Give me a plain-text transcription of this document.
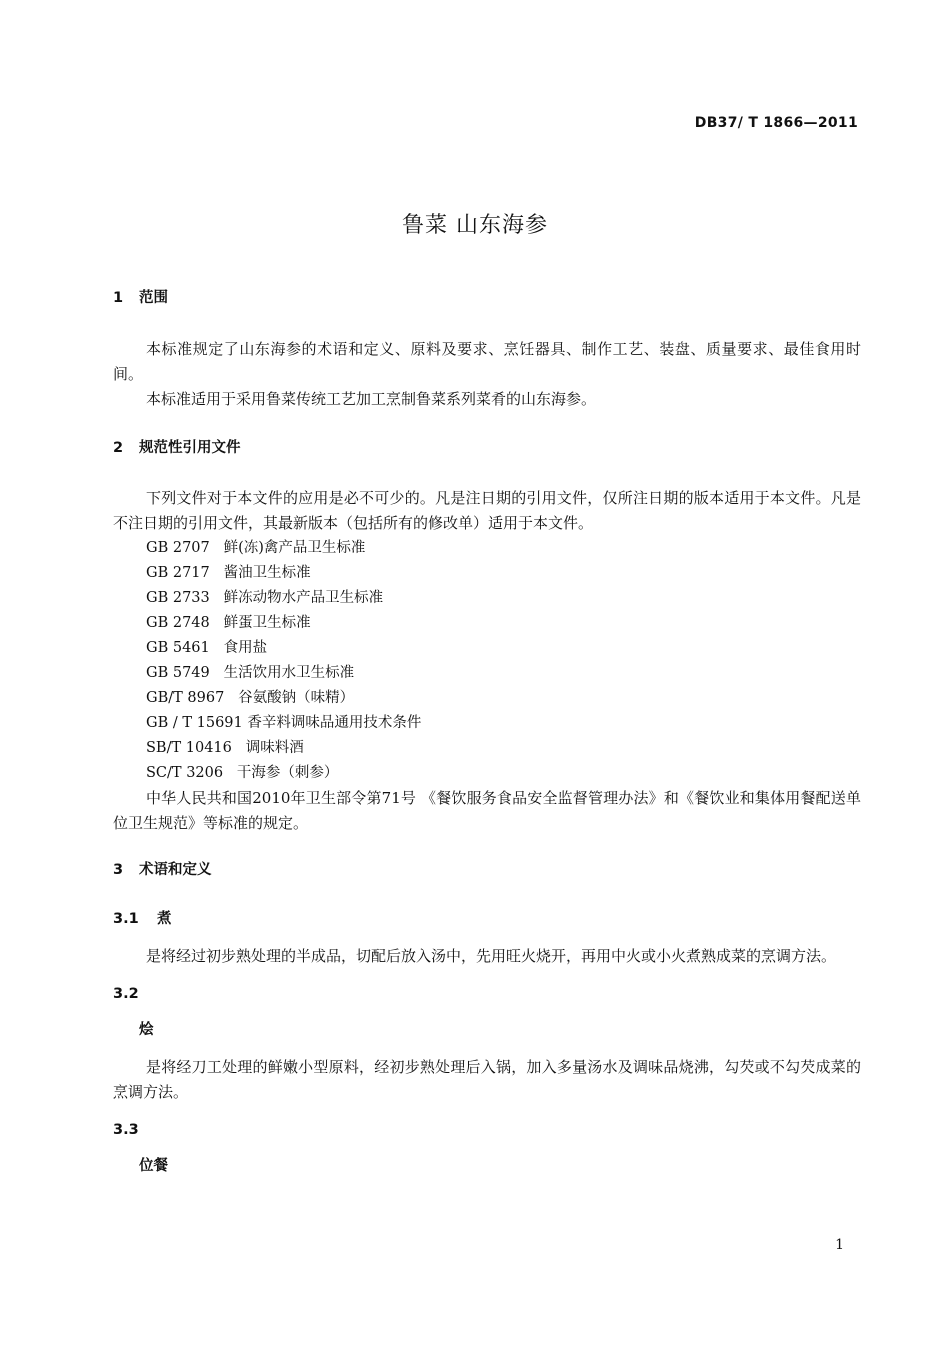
DB37/ T 1866—2011
鲁菜 山东海参
1 范围
本标准规定了山东海参的术语和定义、原料及要求、烹饪器具、制作工艺、装盘、质量要求、最佳食用时间。
本标准适用于采用鲁菜传统工艺加工烹制鲁菜系列菜肴的山东海参。
2 规范性引用文件
下列文件对于本文件的应用是必不可少的。凡是注日期的引用文件，仅所注日期的版本适用于本文件。凡是不注日期的引用文件，其最新版本（包括所有的修改单）适用于本文件。
GB 2707   鲜(冻)禽产品卫生标准
GB 2717   酱油卫生标准
GB 2733   鲜冻动物水产品卫生标准
GB 2748   鲜蛋卫生标准
GB 5461   食用盐
GB 5749   生活饮用水卫生标准
GB/T 8967   谷氨酸钠（味精）
GB / T 15691 香辛料调味品通用技术条件
SB/T 10416   调味料酒
SC/T 3206   干海参（刺参）
中华人民共和国2010年卫生部令第71号 《餐饮服务食品安全监督管理办法》和《餐饮业和集体用餐配送单位卫生规范》等标准的规定。
3 术语和定义
3.1 煮
是将经过初步熟处理的半成品，切配后放入汤中，先用旺火烧开，再用中火或小火煮熟成菜的烹调方法。
3.2
烩
是将经刀工处理的鲜嫩小型原料，经初步熟处理后入锅，加入多量汤水及调味品烧沸，勾芡或不勾芡成菜的烹调方法。
3.3
位餐
1
